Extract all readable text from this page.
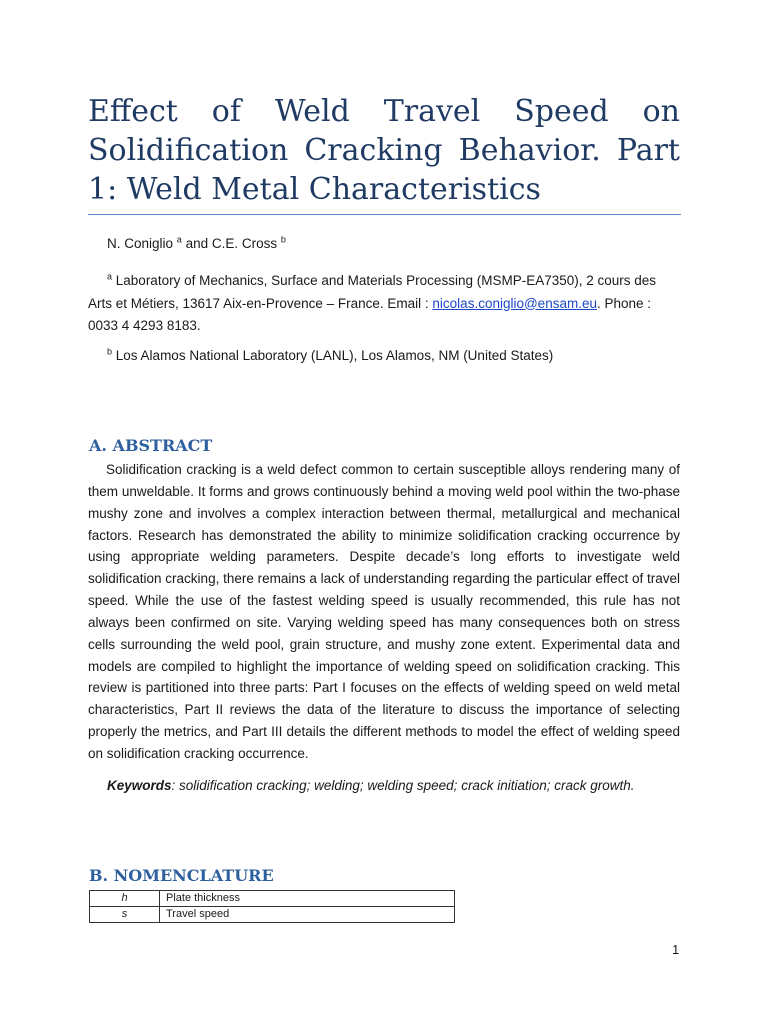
Effect of Weld Travel Speed on Solidification Cracking Behavior. Part 1: Weld Metal Characteristics

N. Coniglio $^a$ and C.E. Cross $^b$

$^a$ Laboratory of Mechanics, Surface and Materials Processing (MSMP-EA7350), 2 cours des Arts et Métiers, 13617 Aix-en-Provence – France. Email : nicolas.coniglio@ensam.eu. Phone : 0033 4 4293 8183.

$^b$ Los Alamos National Laboratory (LANL), Los Alamos, NM (United States)

A. ABSTRACT

Solidification cracking is a weld defect common to certain susceptible alloys rendering many of them unweldable. It forms and grows continuously behind a moving weld pool within the two-phase mushy zone and involves a complex interaction between thermal, metallurgical and mechanical factors. Research has demonstrated the ability to minimize solidification cracking occurrence by using appropriate welding parameters. Despite decade’s long efforts to investigate weld solidification cracking, there remains a lack of understanding regarding the particular effect of travel speed. While the use of the fastest welding speed is usually recommended, this rule has not always been confirmed on site. Varying welding speed has many consequences both on stress cells surrounding the weld pool, grain structure, and mushy zone extent. Experimental data and models are compiled to highlight the importance of welding speed on solidification cracking. This review is partitioned into three parts: Part I focuses on the effects of welding speed on weld metal characteristics, Part II reviews the data of the literature to discuss the importance of selecting properly the metrics, and Part III details the different methods to model the effect of welding speed on solidification cracking occurrence.

Keywords: solidification cracking; welding; welding speed; crack initiation; crack growth.

B. NOMENCLATURE
h	Plate thickness
s	Travel speed

1
